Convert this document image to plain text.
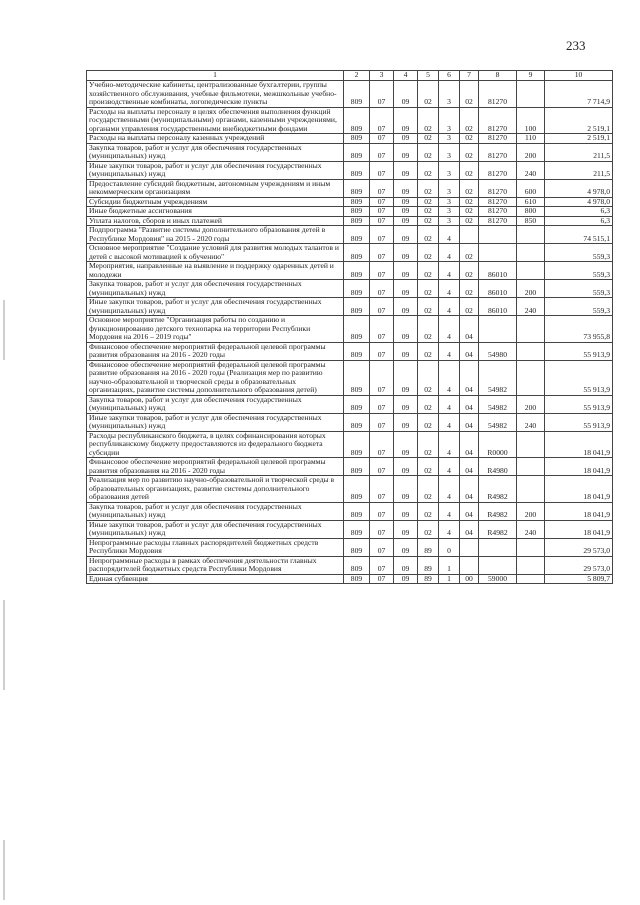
233
1	2	3	4	5	6	7	8	9	10
Учебно-методические кабинеты, централизованные бухгалтерии, группы хозяйственного обслуживания, учебные фильмотеки, межшкольные учебно-производственные комбинаты, логопедические пункты	809	07	09	02	3	02	81270		7 714,9
Расходы на выплаты персоналу в целях обеспечения выполнения функций государственными (муниципальными) органами, казенными учреждениями, органами управления государственными внебюджетными фондами	809	07	09	02	3	02	81270	100	2 519,1
Расходы на выплаты персоналу казенных учреждений	809	07	09	02	3	02	81270	110	2 519,1
Закупка товаров, работ и услуг для обеспечения государственных (муниципальных) нужд	809	07	09	02	3	02	81270	200	211,5
Иные закупки товаров, работ и услуг для обеспечения государственных (муниципальных) нужд	809	07	09	02	3	02	81270	240	211,5
Предоставление субсидий бюджетным, автономным учреждениям и иным некоммерческим организациям	809	07	09	02	3	02	81270	600	4 978,0
Субсидии бюджетным учреждениям	809	07	09	02	3	02	81270	610	4 978,0
Иные бюджетные ассигнования	809	07	09	02	3	02	81270	800	6,3
Уплата налогов, сборов и иных платежей	809	07	09	02	3	02	81270	850	6,3
Подпрограмма "Развитие системы дополнительного образования детей в Республике Мордовия" на 2015 - 2020 годы	809	07	09	02	4				74 515,1
Основное мероприятие "Создание условий для развития молодых талантов и детей с высокой мотивацией к обучению"	809	07	09	02	4	02			559,3
Мероприятия, направленные на выявление и поддержку одаренных детей и молодежи	809	07	09	02	4	02	86010		559,3
Закупка товаров, работ и услуг для обеспечения государственных (муниципальных) нужд	809	07	09	02	4	02	86010	200	559,3
Иные закупки товаров, работ и услуг для обеспечения государственных (муниципальных) нужд	809	07	09	02	4	02	86010	240	559,3
Основное мероприятие "Организация работы по созданию и функционированию детского технопарка на территории Республики Мордовия на 2016 – 2019 годы"	809	07	09	02	4	04			73 955,8
Финансовое обеспечение мероприятий федеральной целевой программы развития образования на 2016 - 2020 годы	809	07	09	02	4	04	54980		55 913,9
Финансовое обеспечение мероприятий федеральной целевой программы развитие образования на 2016 - 2020 годы (Реализация мер по развитию научно-образовательной и творческой среды в образовательных организациях, развитие системы дополнительного образования детей)	809	07	09	02	4	04	54982		55 913,9
Закупка товаров, работ и услуг для обеспечения государственных (муниципальных) нужд	809	07	09	02	4	04	54982	200	55 913,9
Иные закупки товаров, работ и услуг для обеспечения государственных (муниципальных) нужд	809	07	09	02	4	04	54982	240	55 913,9
Расходы республиканского бюджета, в целях софинансирования которых республиканскому бюджету предоставляются из федерального бюджета субсидии	809	07	09	02	4	04	R0000		18 041,9
Финансовое обеспечение мероприятий федеральной целевой программы развития образования на 2016 - 2020 годы	809	07	09	02	4	04	R4980		18 041,9
Реализация мер по развитию научно-образовательной и творческой среды в образовательных организациях, развитие системы дополнительного образования детей	809	07	09	02	4	04	R4982		18 041,9
Закупка товаров, работ и услуг для обеспечения государственных (муниципальных) нужд	809	07	09	02	4	04	R4982	200	18 041,9
Иные закупки товаров, работ и услуг для обеспечения государственных (муниципальных) нужд	809	07	09	02	4	04	R4982	240	18 041,9
Непрограммные расходы главных распорядителей бюджетных средств Республики Мордовия	809	07	09	89	0				29 573,0
Непрограммные расходы в рамках обеспечения деятельности главных распорядителей бюджетных средств Республики Мордовия	809	07	09	89	1				29 573,0
Единая субвенция	809	07	09	89	1	00	59000		5 809,7
